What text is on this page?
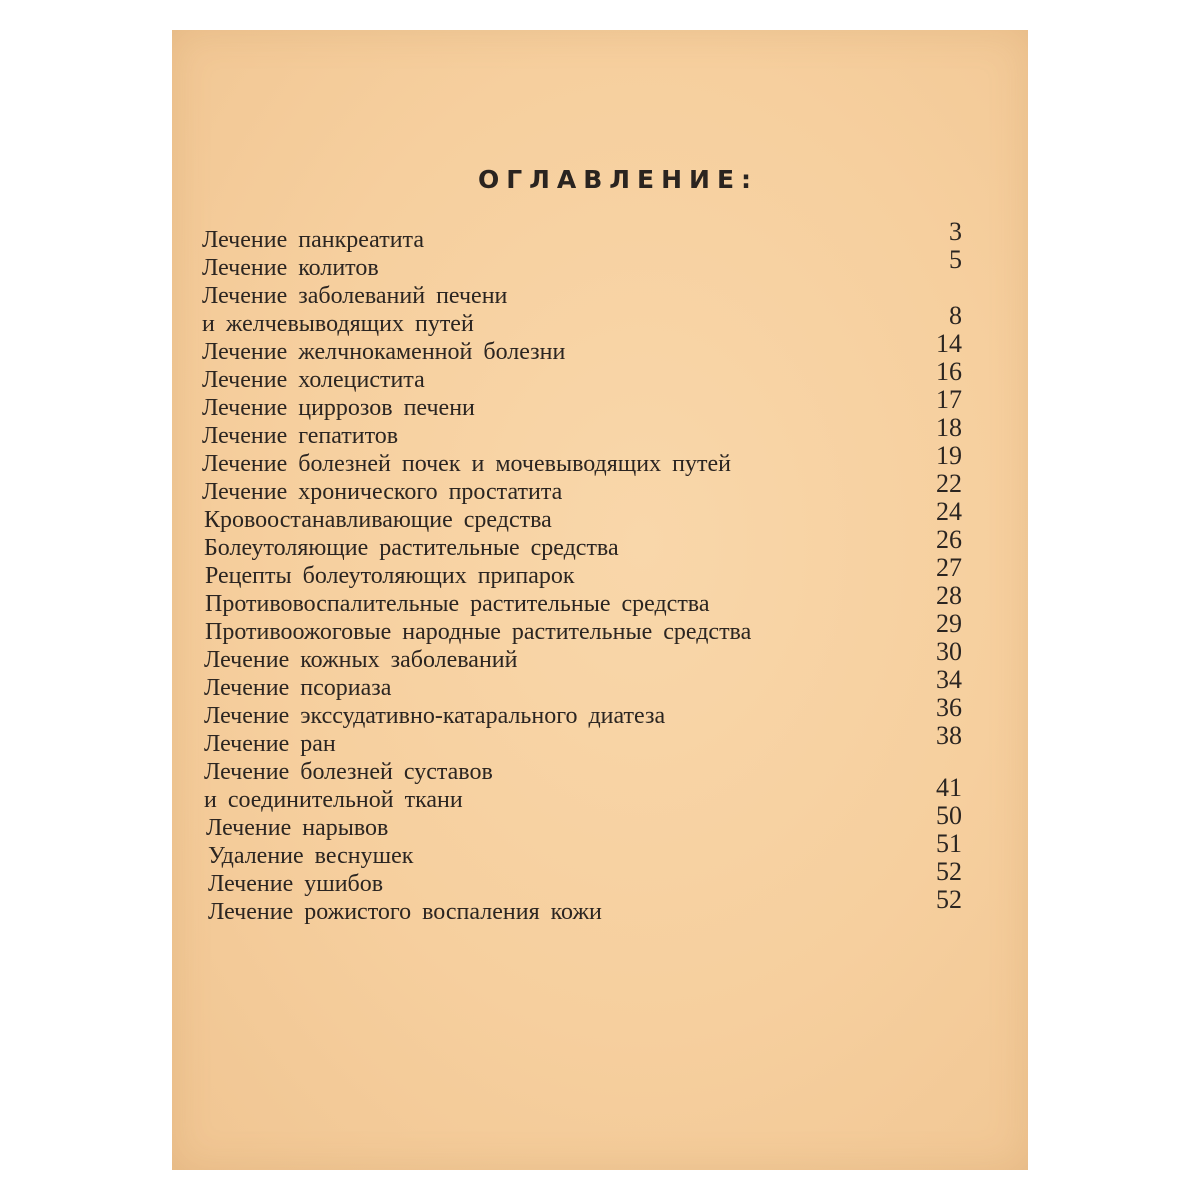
ОГЛАВЛЕНИЕ:
Лечение панкреатита	3
Лечение колитов	5
Лечение заболеваний печени
и желчевыводящих путей	8
Лечение желчнокаменной болезни	14
Лечение холецистита	16
Лечение циррозов печени	17
Лечение гепатитов	18
Лечение болезней почек и мочевыводящих путей	19
Лечение хронического простатита	22
Кровоостанавливающие средства	24
Болеутоляющие растительные средства	26
Рецепты болеутоляющих припарок	27
Противовоспалительные растительные средства	28
Противоожоговые народные растительные средства	29
Лечение кожных заболеваний	30
Лечение псориаза	34
Лечение экссудативно-катарального диатеза	36
Лечение ран	38
Лечение болезней суставов
и соединительной ткани	41
Лечение нарывов	50
Удаление веснушек	51
Лечение ушибов	52
Лечение рожистого воспаления кожи	52
